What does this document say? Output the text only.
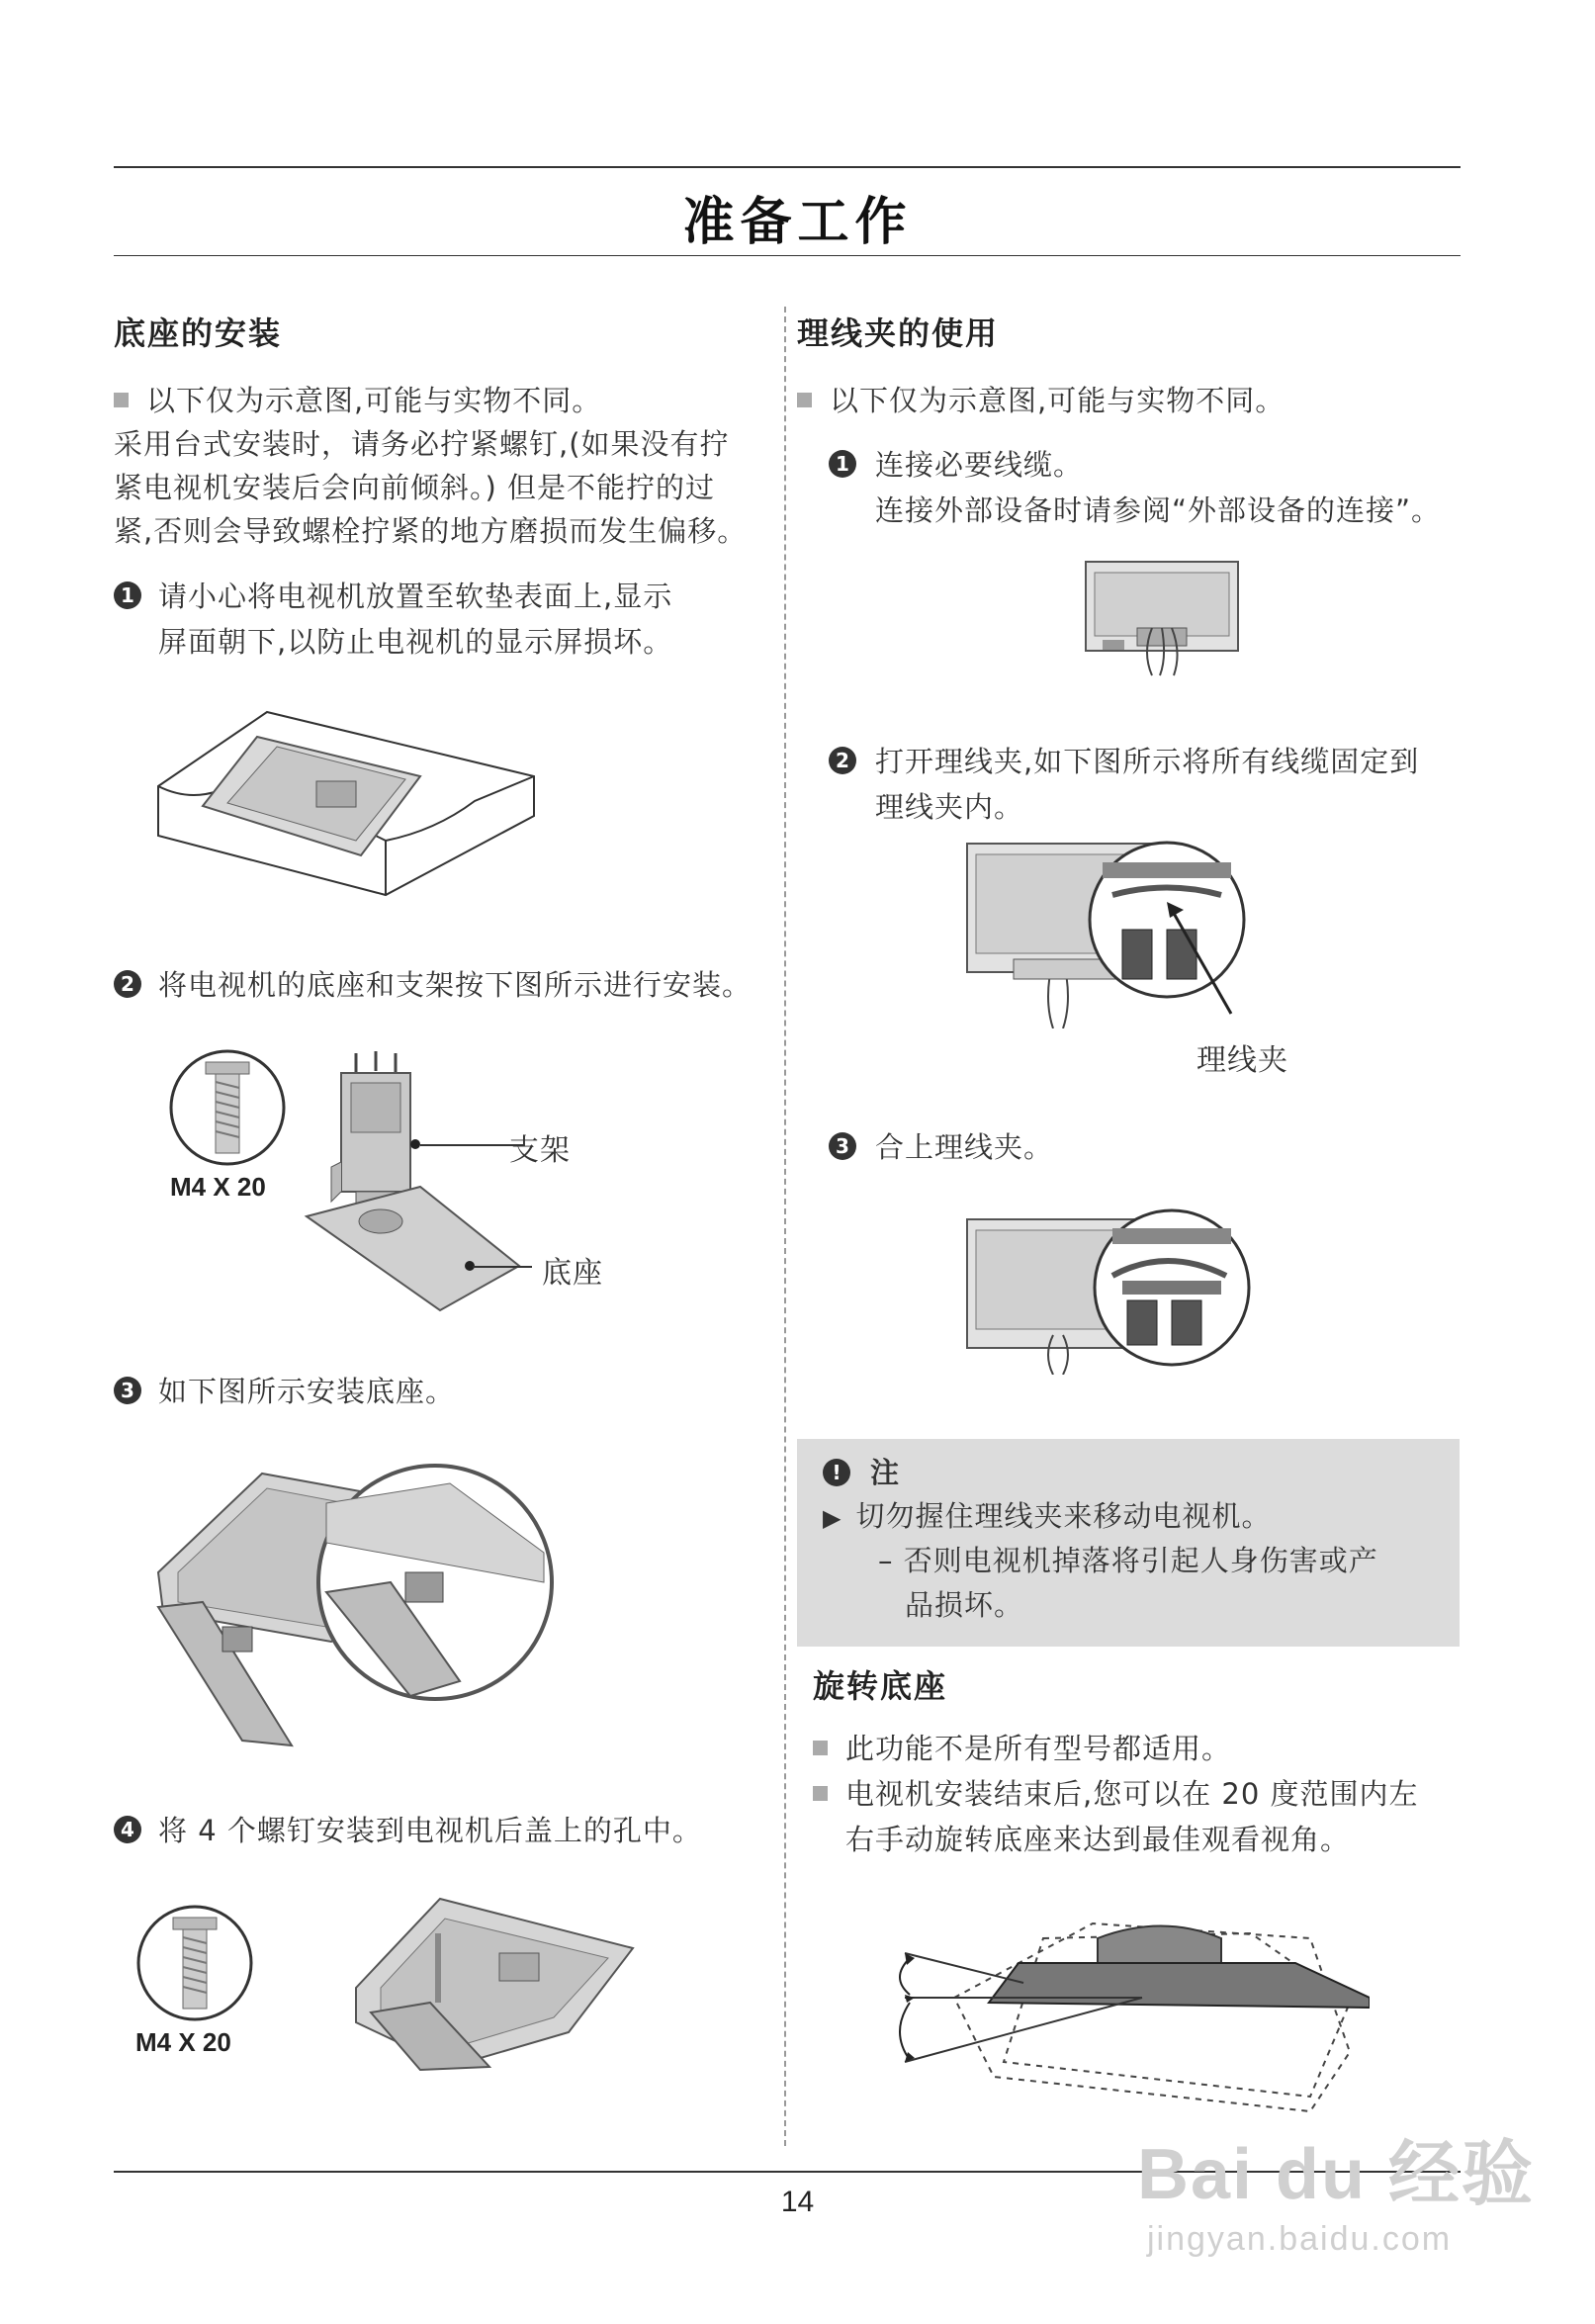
准备工作
底座的安装
以下仅为示意图,可能与实物不同。
采用台式安装时，请务必拧紧螺钉,(如果没有拧
紧电视机安装后会向前倾斜。) 但是不能拧的过
紧,否则会导致螺栓拧紧的地方磨损而发生偏移。
1 请小心将电视机放置至软垫表面上,显示
屏面朝下,以防止电视机的显示屏损坏。
2 将电视机的底座和支架按下图所示进行安装。
M4 X 20
支架
底座
3 如下图所示安装底座。
4 将 4 个螺钉安装到电视机后盖上的孔中。
M4 X 20
理线夹的使用
以下仅为示意图,可能与实物不同。
1 连接必要线缆。
连接外部设备时请参阅“外部设备的连接”。
2 打开理线夹,如下图所示将所有线缆固定到
理线夹内。
理线夹
3 合上理线夹。
!	注
▶ 切勿握住理线夹来移动电视机。
– 否则电视机掉落将引起人身伤害或产
品损坏。
旋转底座
此功能不是所有型号都适用。
电视机安装结束后,您可以在 20 度范围内左
右手动旋转底座来达到最佳观看视角。
14	Bai du 经验
jingyan.baidu.com
